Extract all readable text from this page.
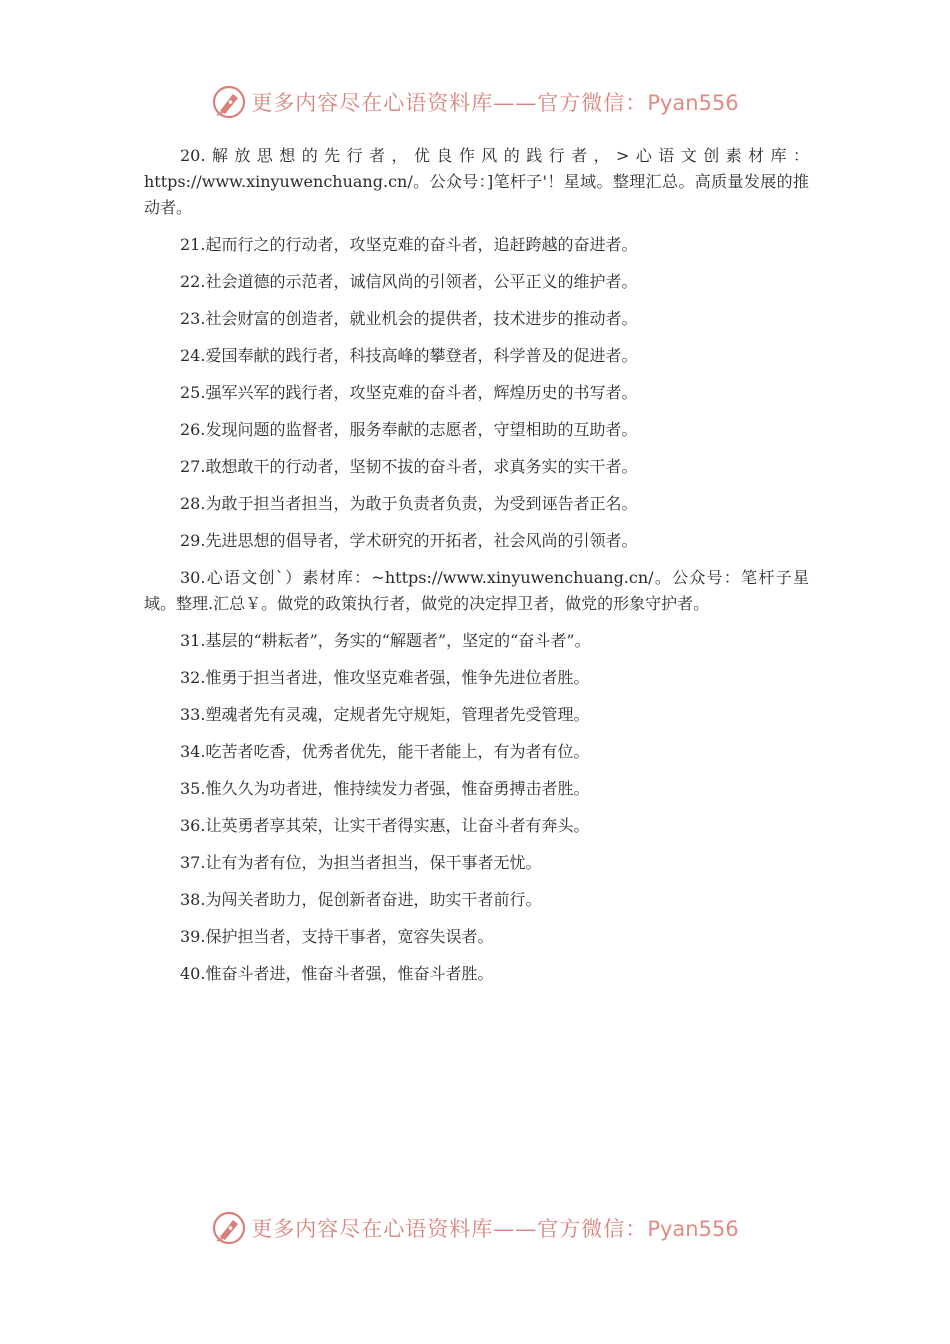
更多内容尽在心语资料库——官方微信：Pyan556

20.解放思想的先行者，优良作风的践行者，>心语文创素材库：https://www.xinyuwenchuang.cn/。公众号：]笔杆子'！星域。整理汇总。高质量发展的推动者。

21.起而行之的行动者，攻坚克难的奋斗者，追赶跨越的奋进者。

22.社会道德的示范者，诚信风尚的引领者，公平正义的维护者。

23.社会财富的创造者，就业机会的提供者，技术进步的推动者。

24.爱国奉献的践行者，科技高峰的攀登者，科学普及的促进者。

25.强军兴军的践行者，攻坚克难的奋斗者，辉煌历史的书写者。

26.发现问题的监督者，服务奉献的志愿者，守望相助的互助者。

27.敢想敢干的行动者，坚韧不拔的奋斗者，求真务实的实干者。

28.为敢于担当者担当，为敢于负责者负责，为受到诬告者正名。

29.先进思想的倡导者，学术研究的开拓者，社会风尚的引领者。

30.心语文创`）素材库：~https://www.xinyuwenchuang.cn/。公众号：笔杆子星域。整理.汇总￥。做党的政策执行者，做党的决定捍卫者，做党的形象守护者。

31.基层的“耕耘者”，务实的“解题者”，坚定的“奋斗者”。

32.惟勇于担当者进，惟攻坚克难者强，惟争先进位者胜。

33.塑魂者先有灵魂，定规者先守规矩，管理者先受管理。

34.吃苦者吃香，优秀者优先，能干者能上，有为者有位。

35.惟久久为功者进，惟持续发力者强，惟奋勇搏击者胜。

36.让英勇者享其荣，让实干者得实惠，让奋斗者有奔头。

37.让有为者有位，为担当者担当，保干事者无忧。

38.为闯关者助力，促创新者奋进，助实干者前行。

39.保护担当者，支持干事者，宽容失误者。

40.惟奋斗者进，惟奋斗者强，惟奋斗者胜。

更多内容尽在心语资料库——官方微信：Pyan556
